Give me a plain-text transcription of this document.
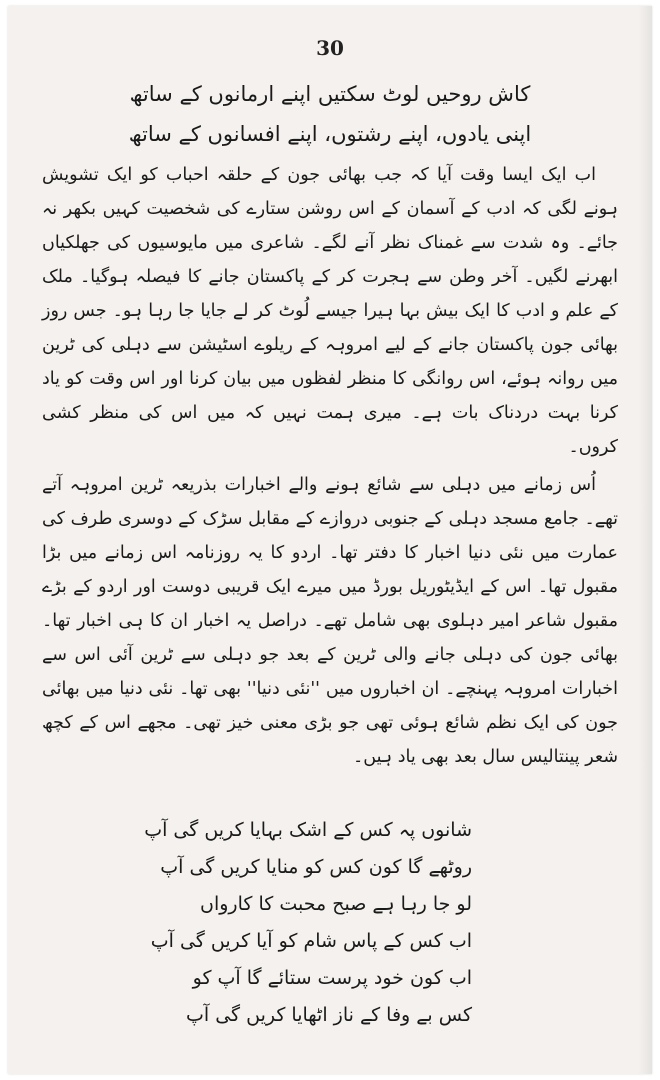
30
کاش روحیں لوٹ سکتیں اپنے ارمانوں کے ساتھ
اپنی یادوں، اپنے رشتوں، اپنے افسانوں کے ساتھ

اب ایک ایسا وقت آیا کہ جب بھائی جون کے حلقہ احباب کو ایک تشویش ہونے لگی کہ ادب کے آسمان کے اس روشن ستارے کی شخصیت کہیں بکھر نہ جائے۔ وہ شدت سے غمناک نظر آنے لگے۔ شاعری میں مایوسیوں کی جھلکیاں ابھرنے لگیں۔ آخر وطن سے ہجرت کر کے پاکستان جانے کا فیصلہ ہوگیا۔ ملک کے علم و ادب کا ایک بیش بہا ہیرا جیسے لُوٹ کر لے جایا جا رہا ہو۔ جس روز بھائی جون پاکستان جانے کے لیے امروہہ کے ریلوے اسٹیشن سے دہلی کی ٹرین میں روانہ ہوئے، اس روانگی کا منظر لفظوں میں بیان کرنا اور اس وقت کو یاد کرنا بہت دردناک بات ہے۔ میری ہمت نہیں کہ میں اس کی منظر کشی کروں۔

اُس زمانے میں دہلی سے شائع ہونے والے اخبارات بذریعہ ٹرین امروہہ آتے تھے۔ جامع مسجد دہلی کے جنوبی دروازے کے مقابل سڑک کے دوسری طرف کی عمارت میں نئی دنیا اخبار کا دفتر تھا۔ اردو کا یہ روزنامہ اس زمانے میں بڑا مقبول تھا۔ اس کے ایڈیٹوریل بورڈ میں میرے ایک قریبی دوست اور اردو کے بڑے مقبول شاعر امیر دہلوی بھی شامل تھے۔ دراصل یہ اخبار ان کا ہی اخبار تھا۔ بھائی جون کی دہلی جانے والی ٹرین کے بعد جو دہلی سے ٹرین آئی اس سے اخبارات امروہہ پہنچے۔ ان اخباروں میں ''نئی دنیا'' بھی تھا۔ نئی دنیا میں بھائی جون کی ایک نظم شائع ہوئی تھی جو بڑی معنی خیز تھی۔ مجھے اس کے کچھ شعر پینتالیس سال بعد بھی یاد ہیں۔

شانوں پہ کس کے اشک بہایا کریں گی آپ
روٹھے گا کون کس کو منایا کریں گی آپ
لو جا رہا ہے صبح محبت کا کارواں
اب کس کے پاس شام کو آیا کریں گی آپ
اب کون خود پرست ستائے گا آپ کو
کس بے وفا کے ناز اٹھایا کریں گی آپ
